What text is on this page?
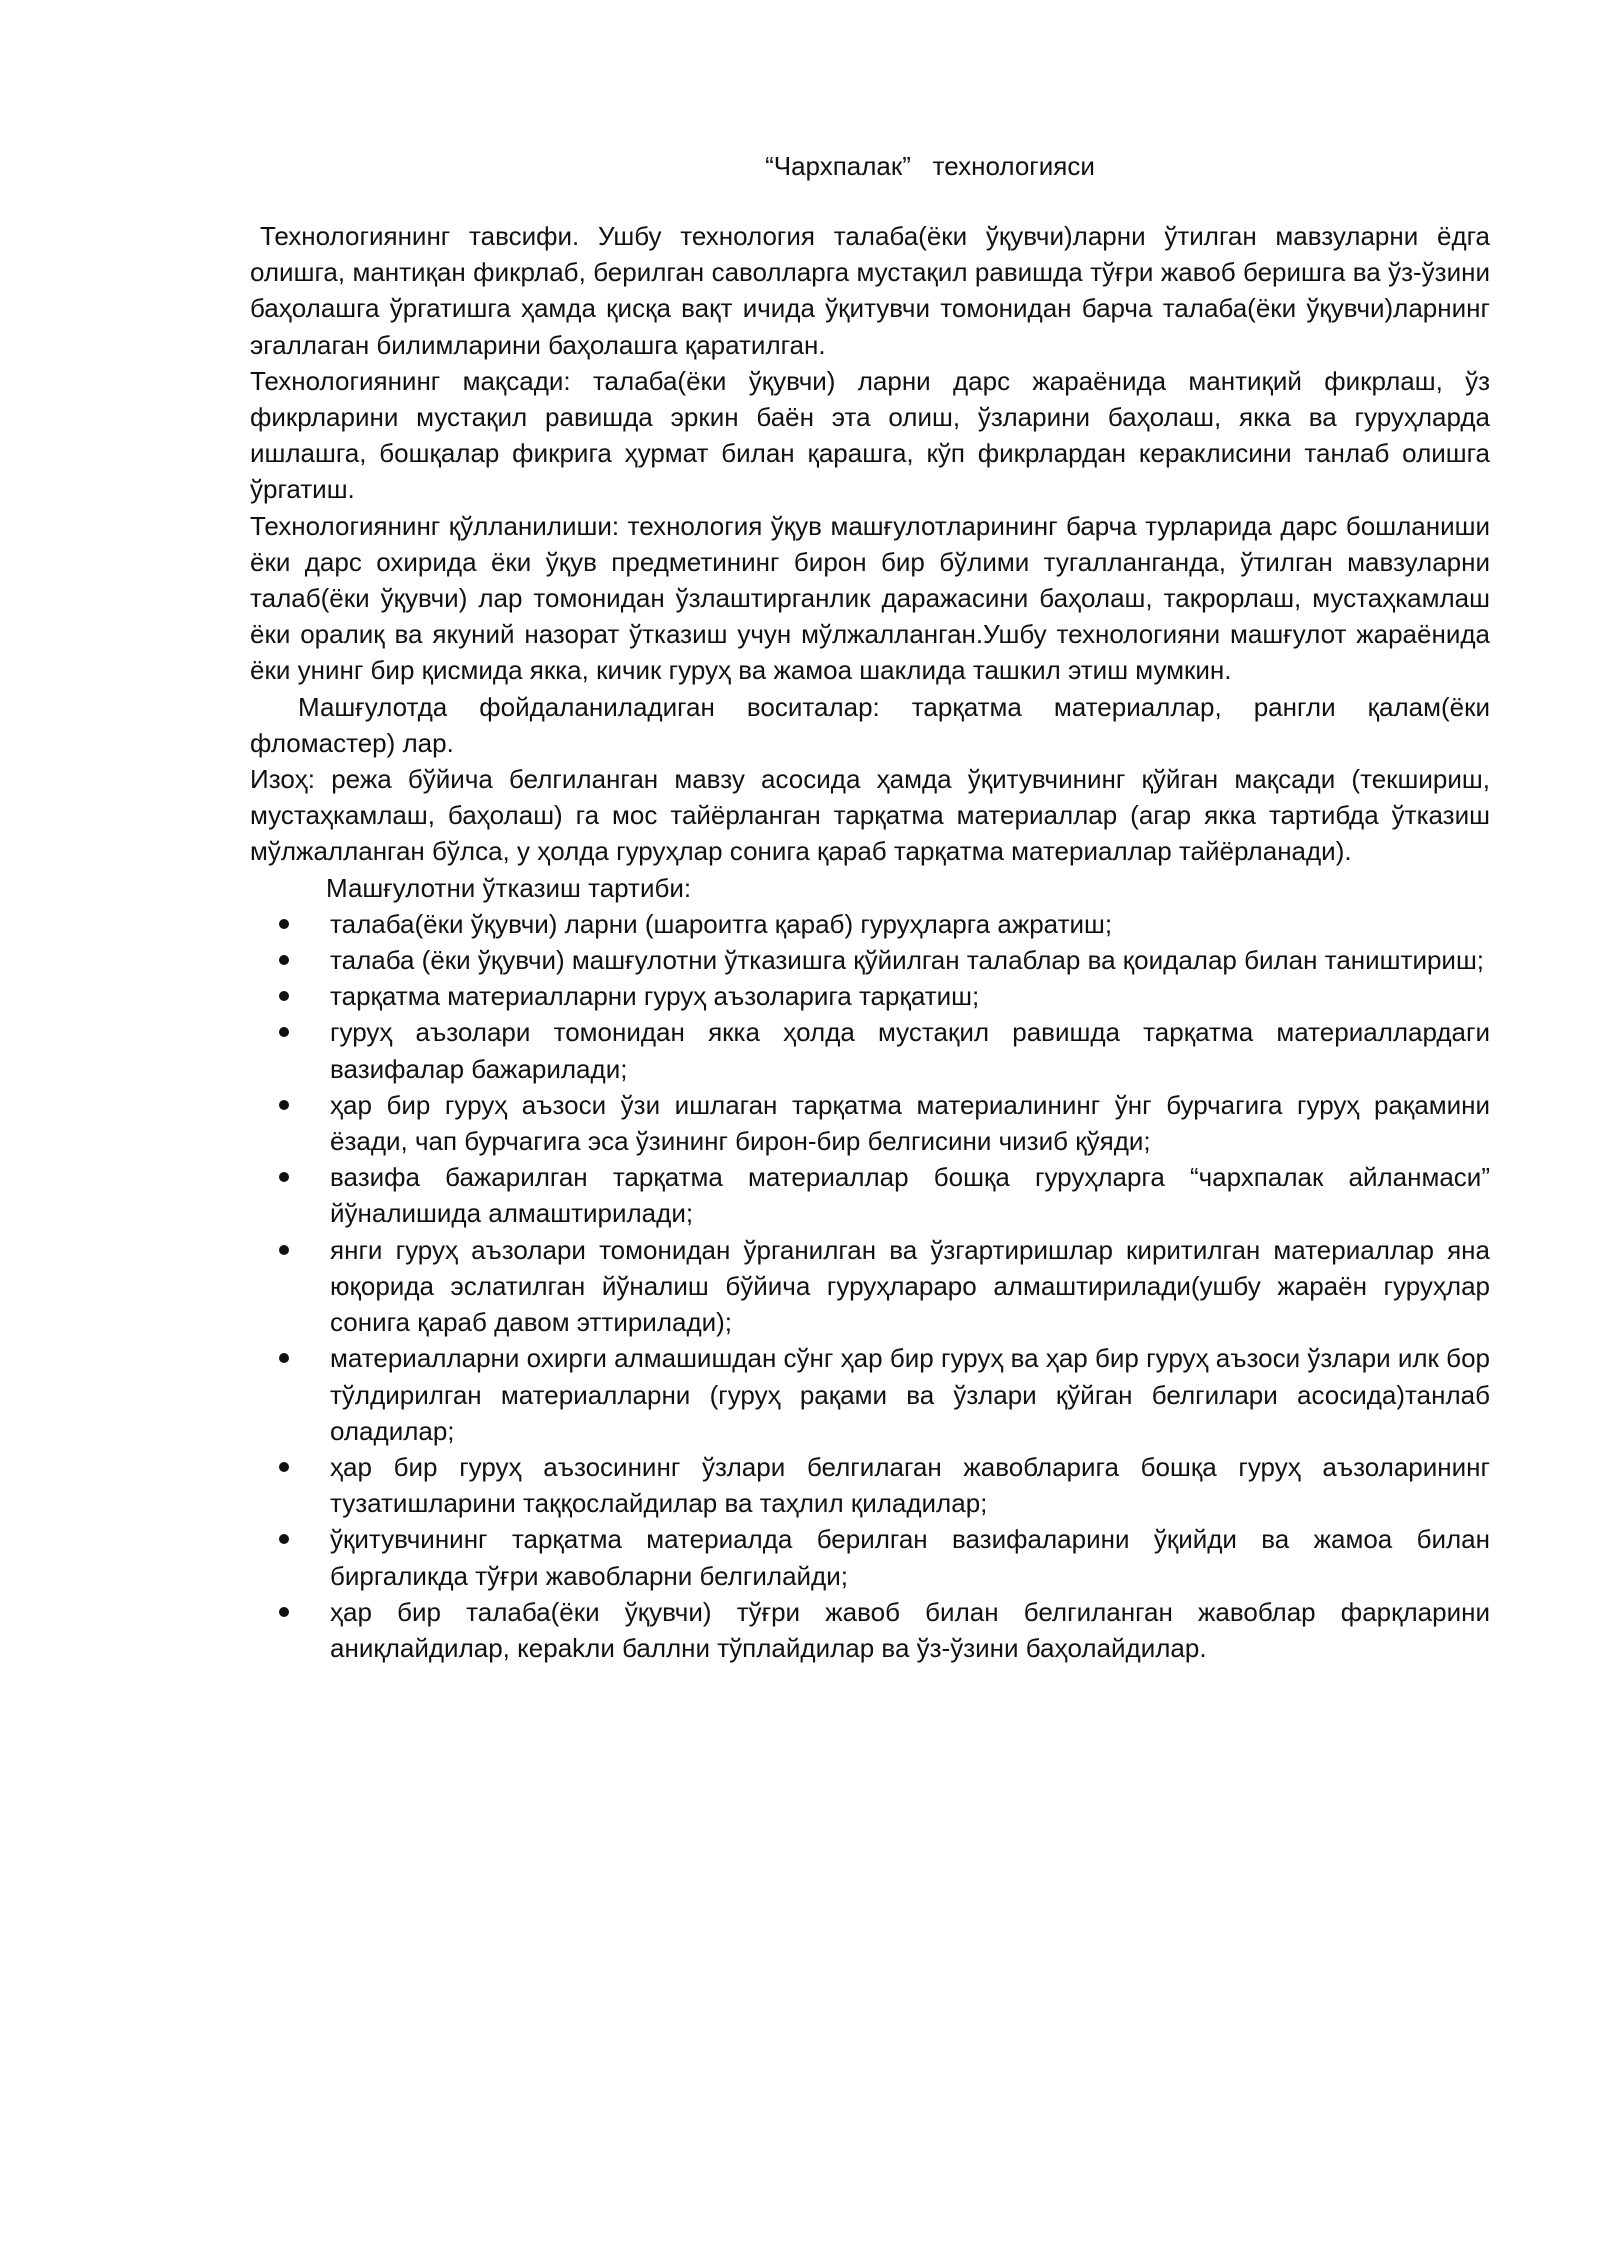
“Чархпалак”   технологияси

Технологиянинг тавсифи. Ушбу технология талаба(ёки ўқувчи)ларни ўтилган мавзуларни ёдга олишга, мантиқан фикрлаб, берилган саволларга мустақил равишда тўғри жавоб беришга ва ўз-ўзини баҳолашга ўргатишга ҳамда қисқа вақт ичида ўқитувчи томонидан барча талаба(ёки ўқувчи)ларнинг эгаллаган билимларини баҳолашга қаратилган.

Технологиянинг мақсади: талаба(ёки ўқувчи) ларни дарс жараёнида мантиқий фикрлаш, ўз фикрларини мустақил равишда эркин баён эта олиш, ўзларини баҳолаш, якка ва гуруҳларда ишлашга, бошқалар фикрига ҳурмат билан қарашга, кўп фикрлардан кераклисини танлаб олишга ўргатиш.

Технологиянинг қўлланилиши: технология ўқув машғулотларининг барча турларида дарс бошланиши ёки дарс охирида ёки ўқув предметининг бирон бир бўлими тугалланганда, ўтилган мавзуларни талаб(ёки ўқувчи) лар томонидан ўзлаштирганлик даражасини баҳолаш, такрорлаш, мустаҳкамлаш ёки оралиқ ва якуний назорат ўтказиш учун мўлжалланган.Ушбу технологияни машғулот жараёнида ёки унинг бир қисмида якка, кичик гуруҳ ва жамоа шаклида ташкил этиш мумкин.

Машғулотда фойдаланиладиган воситалар: тарқатма материаллар, рангли қалам(ёки фломастер) лар.

Изоҳ: режа бўйича белгиланган мавзу асосида ҳамда ўқитувчининг қўйган мақсади (текшириш, мустаҳкамлаш, баҳолаш) га мос тайёрланган тарқатма материаллар (агар якка тартибда ўтказиш мўлжалланган бўлса, у ҳолда гуруҳлар сонига қараб тарқатма материаллар тайёрланади).

Машғулотни ўтказиш тартиби:

талаба(ёки ўқувчи) ларни (шароитга қараб) гуруҳларга ажратиш;
талаба (ёки ўқувчи) машғулотни ўтказишга қўйилган талаблар ва қоидалар билан таништириш;
тарқатма материалларни гуруҳ аъзоларига тарқатиш;
гуруҳ аъзолари томонидан якка ҳолда мустақил равишда тарқатма материаллардаги вазифалар бажарилади;
ҳар бир гуруҳ аъзоси ўзи ишлаган тарқатма материалининг ўнг бурчагига гуруҳ рақамини ёзади, чап бурчагига эса ўзининг бирон-бир белгисини чизиб қўяди;
вазифа бажарилган тарқатма материаллар бошқа гуруҳларга “чархпалак айланмаси” йўналишида алмаштирилади;
янги гуруҳ аъзолари томонидан ўрганилган ва ўзгартиришлар киритилган материаллар яна юқорида эслатилган йўналиш бўйича гуруҳлараро алмаштирилади(ушбу жараён гуруҳлар сонига қараб давом эттирилади);
материалларни охирги алмашишдан сўнг ҳар бир гуруҳ ва ҳар бир гуруҳ аъзоси ўзлари илк бор тўлдирилган материалларни (гуруҳ рақами ва ўзлари қўйган белгилари асосида)танлаб оладилар;
ҳар бир гуруҳ аъзосининг ўзлари белгилаган жавобларига бошқа гуруҳ аъзоларининг тузатишларини таққослайдилар ва таҳлил қиладилар;
ўқитувчининг тарқатма материалда берилган вазифаларини ўқийди ва жамоа билан биргаликда тўғри жавобларни белгилайди;
ҳар бир талаба(ёки ўқувчи) тўғри жавоб билан белгиланган жавоблар фарқларини аниқлайдилар, кераkли баллни тўплайдилар ва ўз-ўзини баҳолайдилар.
